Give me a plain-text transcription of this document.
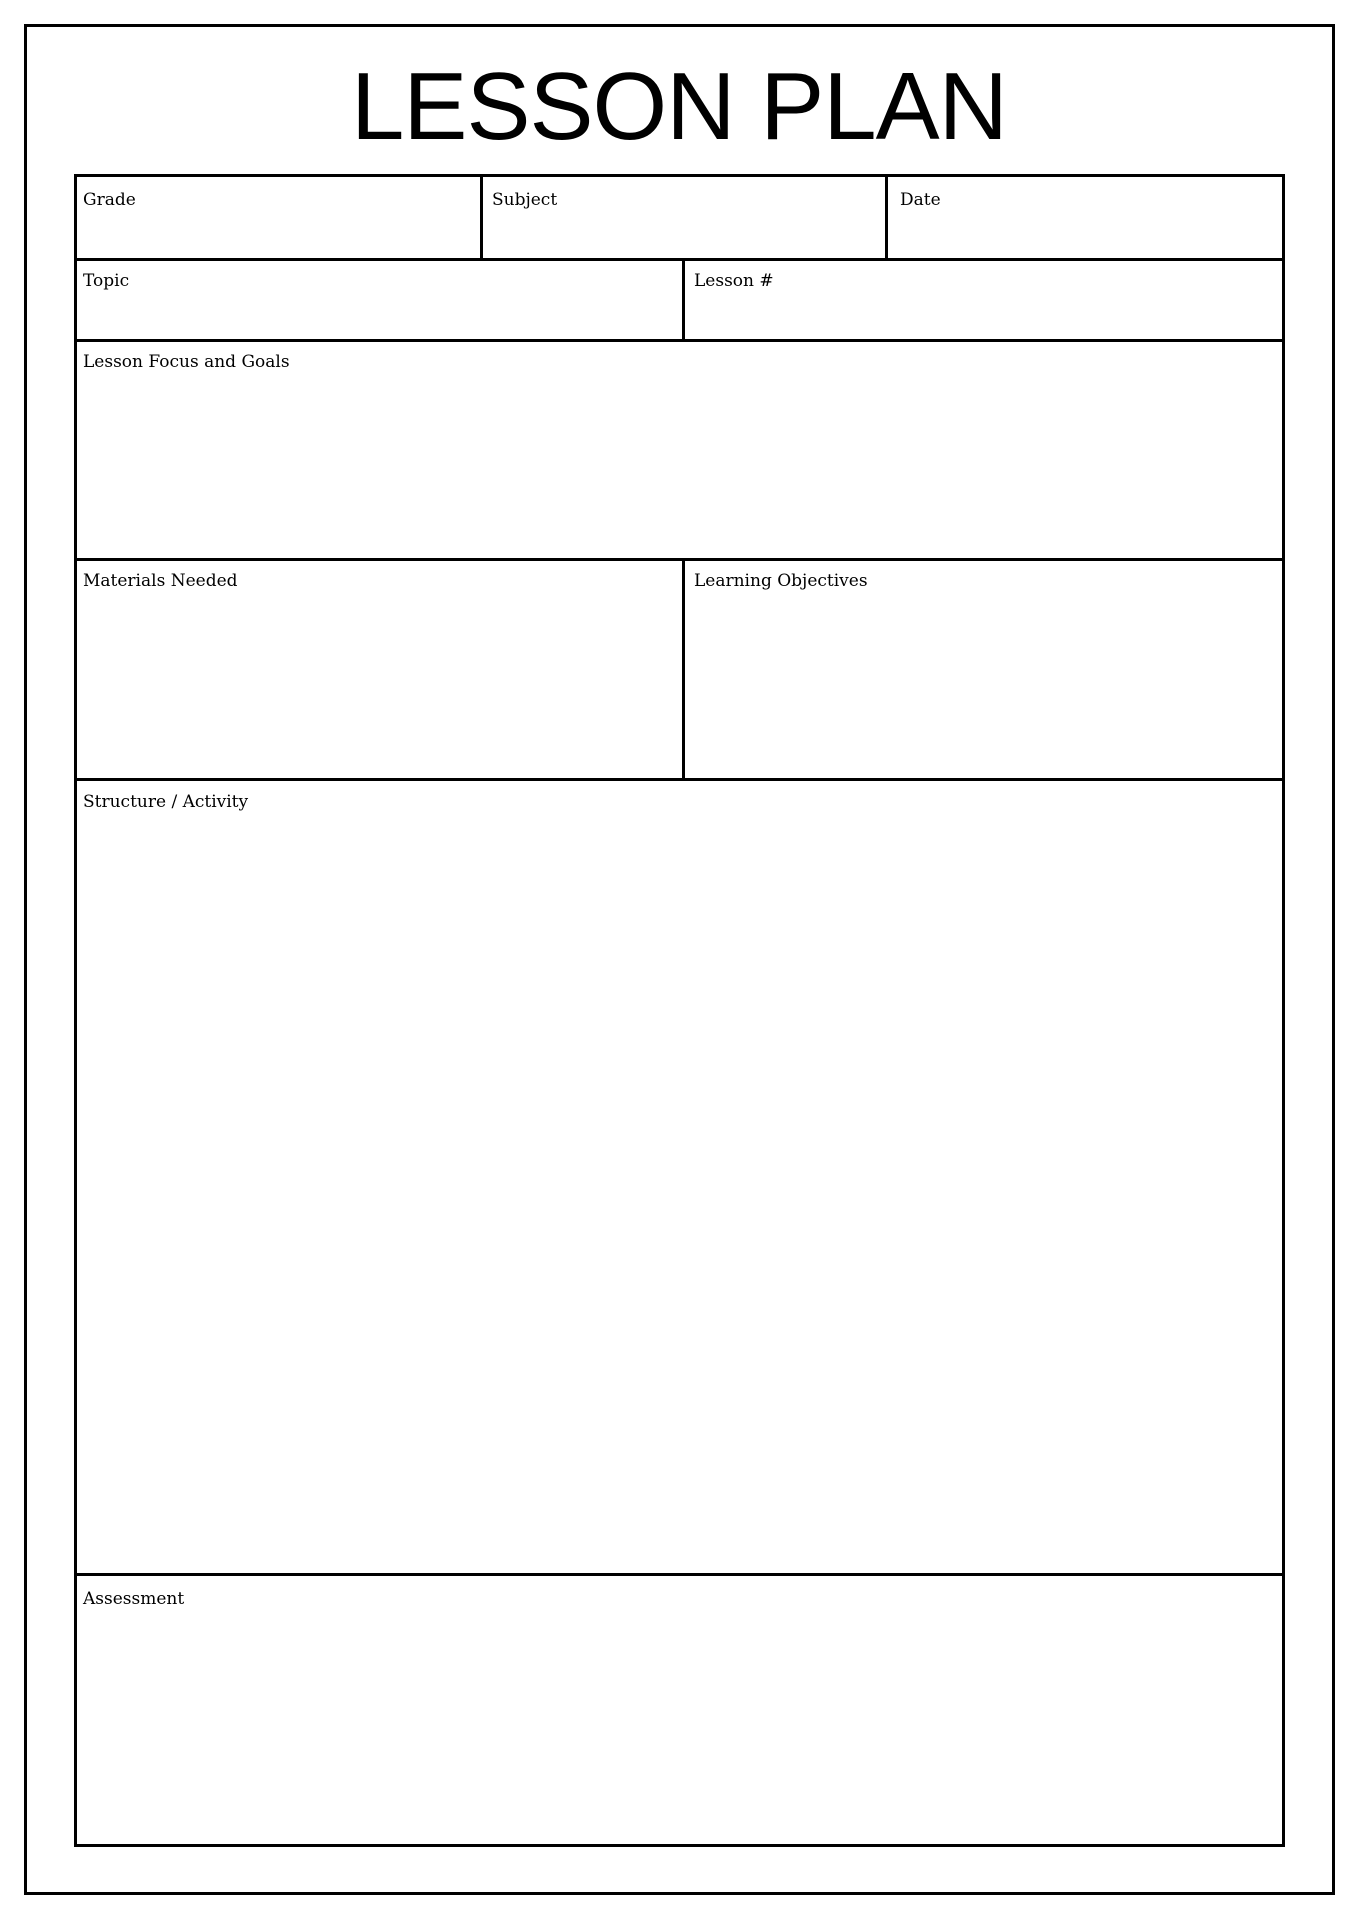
LESSON PLAN
Grade	Subject	Date
Topic	Lesson #
Lesson Focus and Goals
Materials Needed	Learning Objectives
Structure / Activity
Assessment
